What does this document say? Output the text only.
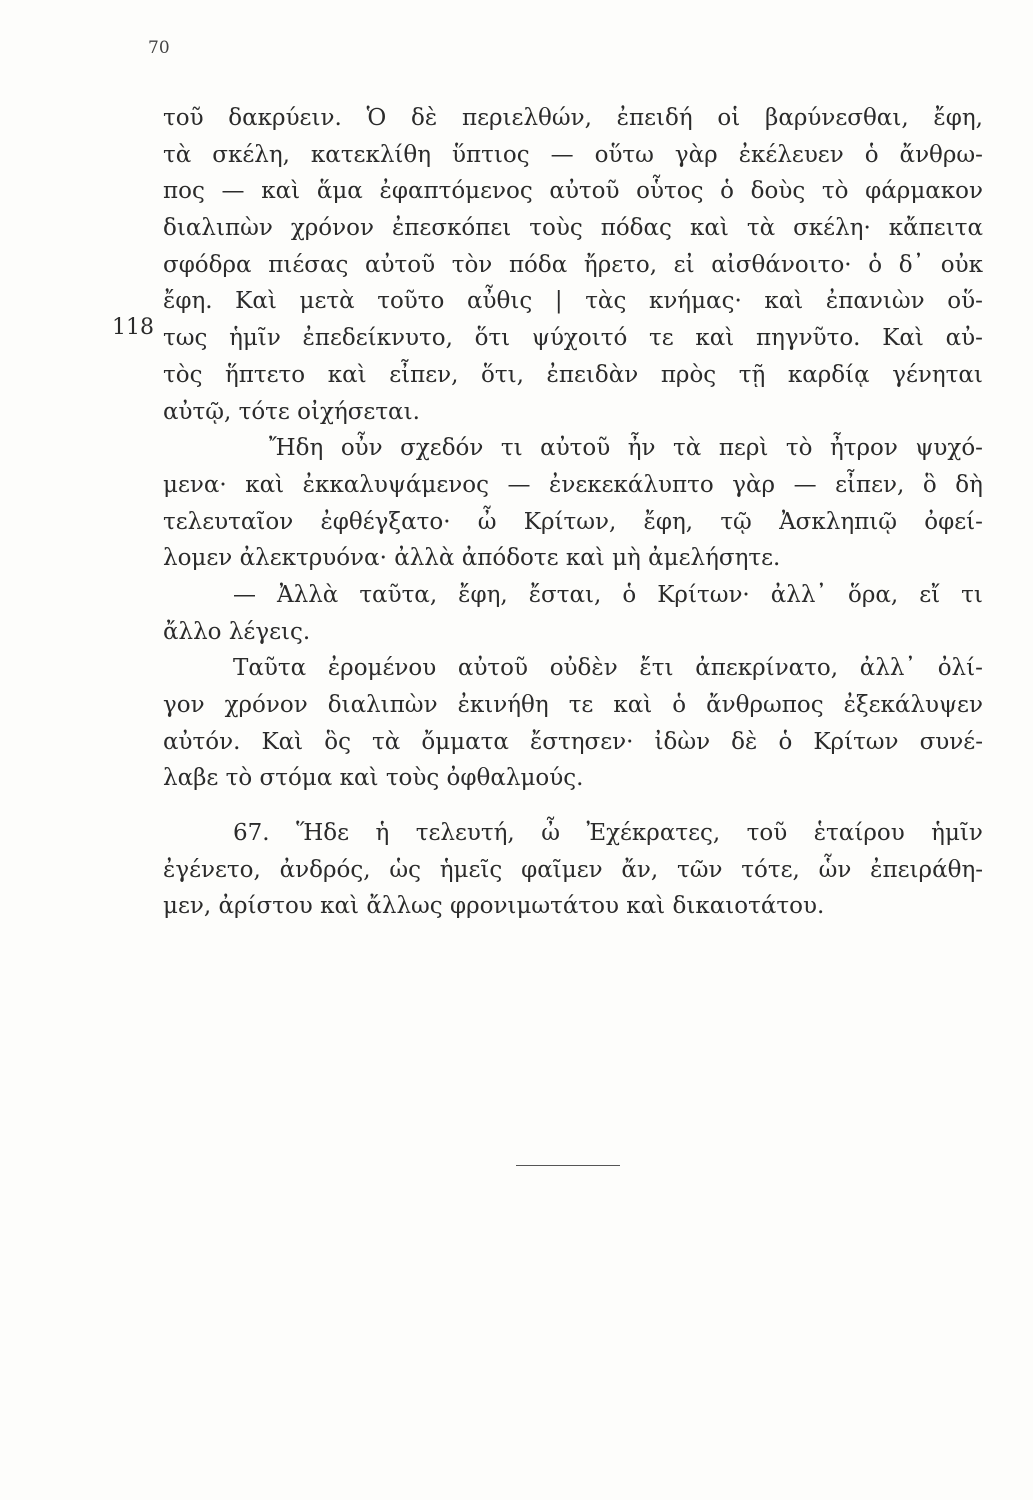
70
118
τοῦ δακρύειν. Ὁ δὲ περιελθών, ἐπειδή οἱ βαρύνεσθαι, ἔφη,
τὰ σκέλη, κατεκλίθη ὕπτιος — οὕτω γὰρ ἐκέλευεν ὁ ἄνθρω-
πος — καὶ ἅμα ἐφαπτόμενος αὐτοῦ οὗτος ὁ δοὺς τὸ φάρμακον
διαλιπὼν χρόνον ἐπεσκόπει τοὺς πόδας καὶ τὰ σκέλη· κἄπειτα
σφόδρα πιέσας αὐτοῦ τὸν πόδα ἤρετο, εἰ αἰσθάνοιτο· ὁ δ᾽ οὐκ
ἔφη. Καὶ μετὰ τοῦτο αὖθις | τὰς κνήμας· καὶ ἐπανιὼν οὕ-
τως ἡμῖν ἐπεδείκνυτο, ὅτι ψύχοιτό τε καὶ πηγνῦτο. Καὶ αὐ-
τὸς ἥπτετο καὶ εἶπεν, ὅτι, ἐπειδὰν πρὸς τῇ καρδίᾳ γένηται
αὐτῷ, τότε οἰχήσεται.
Ἤδη οὖν σχεδόν τι αὐτοῦ ἦν τὰ περὶ τὸ ἦτρον ψυχό-
μενα· καὶ ἐκκαλυψάμενος — ἐνεκεκάλυπτο γὰρ — εἶπεν, ὃ δὴ
τελευταῖον ἐφθέγξατο· ὦ Κρίτων, ἔφη, τῷ Ἀσκληπιῷ ὀφεί-
λομεν ἀλεκτρυόνα· ἀλλὰ ἀπόδοτε καὶ μὴ ἀμελήσητε.
— Ἀλλὰ ταῦτα, ἔφη, ἔσται, ὁ Κρίτων· ἀλλ᾽ ὅρα, εἴ τι
ἄλλο λέγεις.
Ταῦτα ἐρομένου αὐτοῦ οὐδὲν ἔτι ἀπεκρίνατο, ἀλλ᾽ ὀλί-
γον χρόνον διαλιπὼν ἐκινήθη τε καὶ ὁ ἄνθρωπος ἐξεκάλυψεν
αὐτόν. Καὶ ὃς τὰ ὄμματα ἔστησεν· ἰδὼν δὲ ὁ Κρίτων συνέ-
λαβε τὸ στόμα καὶ τοὺς ὀφθαλμούς.
67. Ἥδε ἡ τελευτή, ὦ Ἐχέκρατες, τοῦ ἑταίρου ἡμῖν
ἐγένετο, ἀνδρός, ὡς ἡμεῖς φαῖμεν ἄν, τῶν τότε, ὧν ἐπειράθη-
μεν, ἀρίστου καὶ ἄλλως φρονιμωτάτου καὶ δικαιοτάτου.
